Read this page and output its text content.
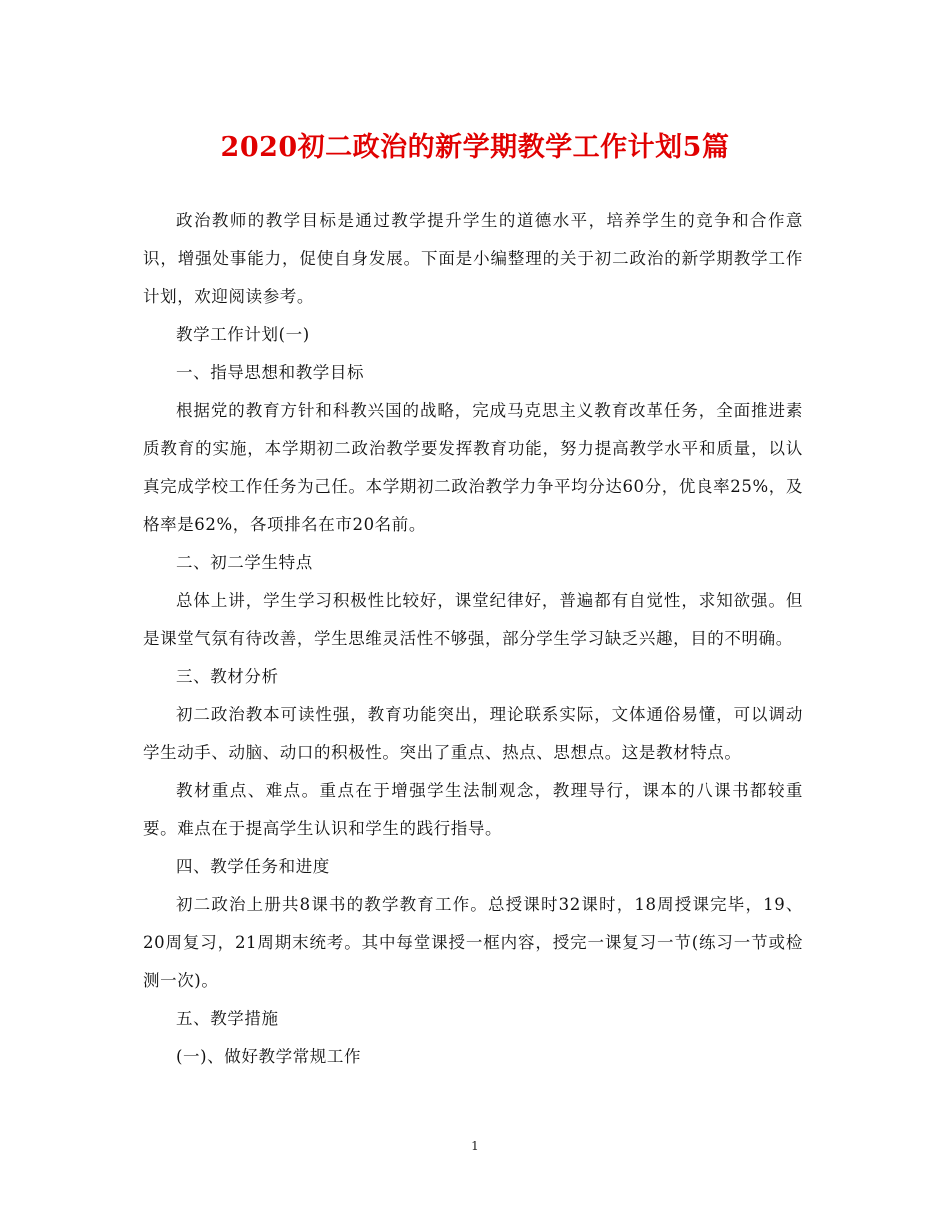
2020初二政治的新学期教学工作计划5篇

政治教师的教学目标是通过教学提升学生的道德水平，培养学生的竞争和合作意识，增强处事能力，促使自身发展。下面是小编整理的关于初二政治的新学期教学工作计划，欢迎阅读参考。

教学工作计划(一)

一、指导思想和教学目标

根据党的教育方针和科教兴国的战略，完成马克思主义教育改革任务，全面推进素质教育的实施，本学期初二政治教学要发挥教育功能，努力提高教学水平和质量，以认真完成学校工作任务为己任。本学期初二政治教学力争平均分达60分，优良率25%，及格率是62%，各项排名在市20名前。

二、初二学生特点

总体上讲，学生学习积极性比较好，课堂纪律好，普遍都有自觉性，求知欲强。但是课堂气氛有待改善，学生思维灵活性不够强，部分学生学习缺乏兴趣，目的不明确。

三、教材分析

初二政治教本可读性强，教育功能突出，理论联系实际，文体通俗易懂，可以调动学生动手、动脑、动口的积极性。突出了重点、热点、思想点。这是教材特点。

教材重点、难点。重点在于增强学生法制观念，教理导行，课本的八课书都较重要。难点在于提高学生认识和学生的践行指导。

四、教学任务和进度

初二政治上册共8课书的教学教育工作。总授课时32课时，18周授课完毕，19、20周复习，21周期末统考。其中每堂课授一框内容，授完一课复习一节(练习一节或检测一次)。

五、教学措施

(一)、做好教学常规工作

1
